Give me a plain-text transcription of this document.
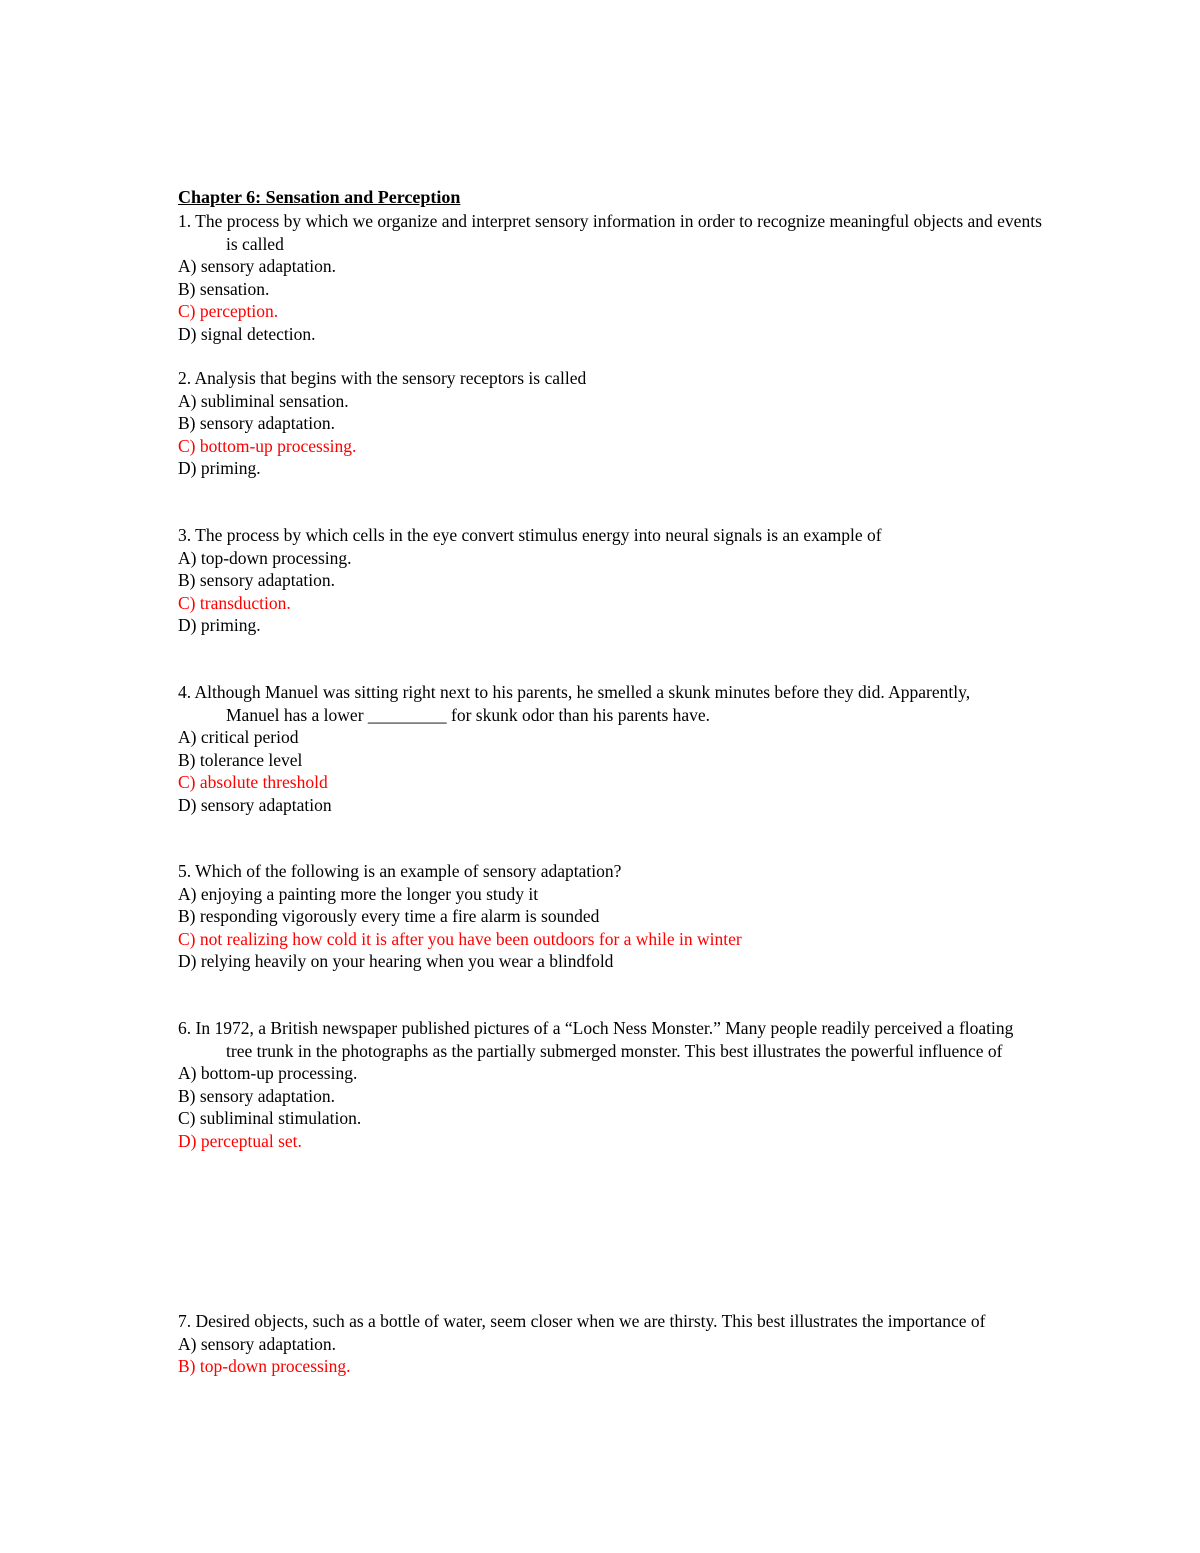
Chapter 6: Sensation and Perception
1. The process by which we organize and interpret sensory information in order to recognize meaningful objects and events is called
A) sensory adaptation.
B) sensation.
C) perception.
D) signal detection.
2. Analysis that begins with the sensory receptors is called
A) subliminal sensation.
B) sensory adaptation.
C) bottom-up processing.
D) priming.
3. The process by which cells in the eye convert stimulus energy into neural signals is an example of
A) top-down processing.
B) sensory adaptation.
C) transduction.
D) priming.
4. Although Manuel was sitting right next to his parents, he smelled a skunk minutes before they did. Apparently, Manuel has a lower _________ for skunk odor than his parents have.
A) critical period
B) tolerance level
C) absolute threshold
D) sensory adaptation
5. Which of the following is an example of sensory adaptation?
A) enjoying a painting more the longer you study it
B) responding vigorously every time a fire alarm is sounded
C) not realizing how cold it is after you have been outdoors for a while in winter
D) relying heavily on your hearing when you wear a blindfold
6. In 1972, a British newspaper published pictures of a “Loch Ness Monster.” Many people readily perceived a floating tree trunk in the photographs as the partially submerged monster. This best illustrates the powerful influence of
A) bottom-up processing.
B) sensory adaptation.
C) subliminal stimulation.
D) perceptual set.
7. Desired objects, such as a bottle of water, seem closer when we are thirsty. This best illustrates the importance of
A) sensory adaptation.
B) top-down processing.
